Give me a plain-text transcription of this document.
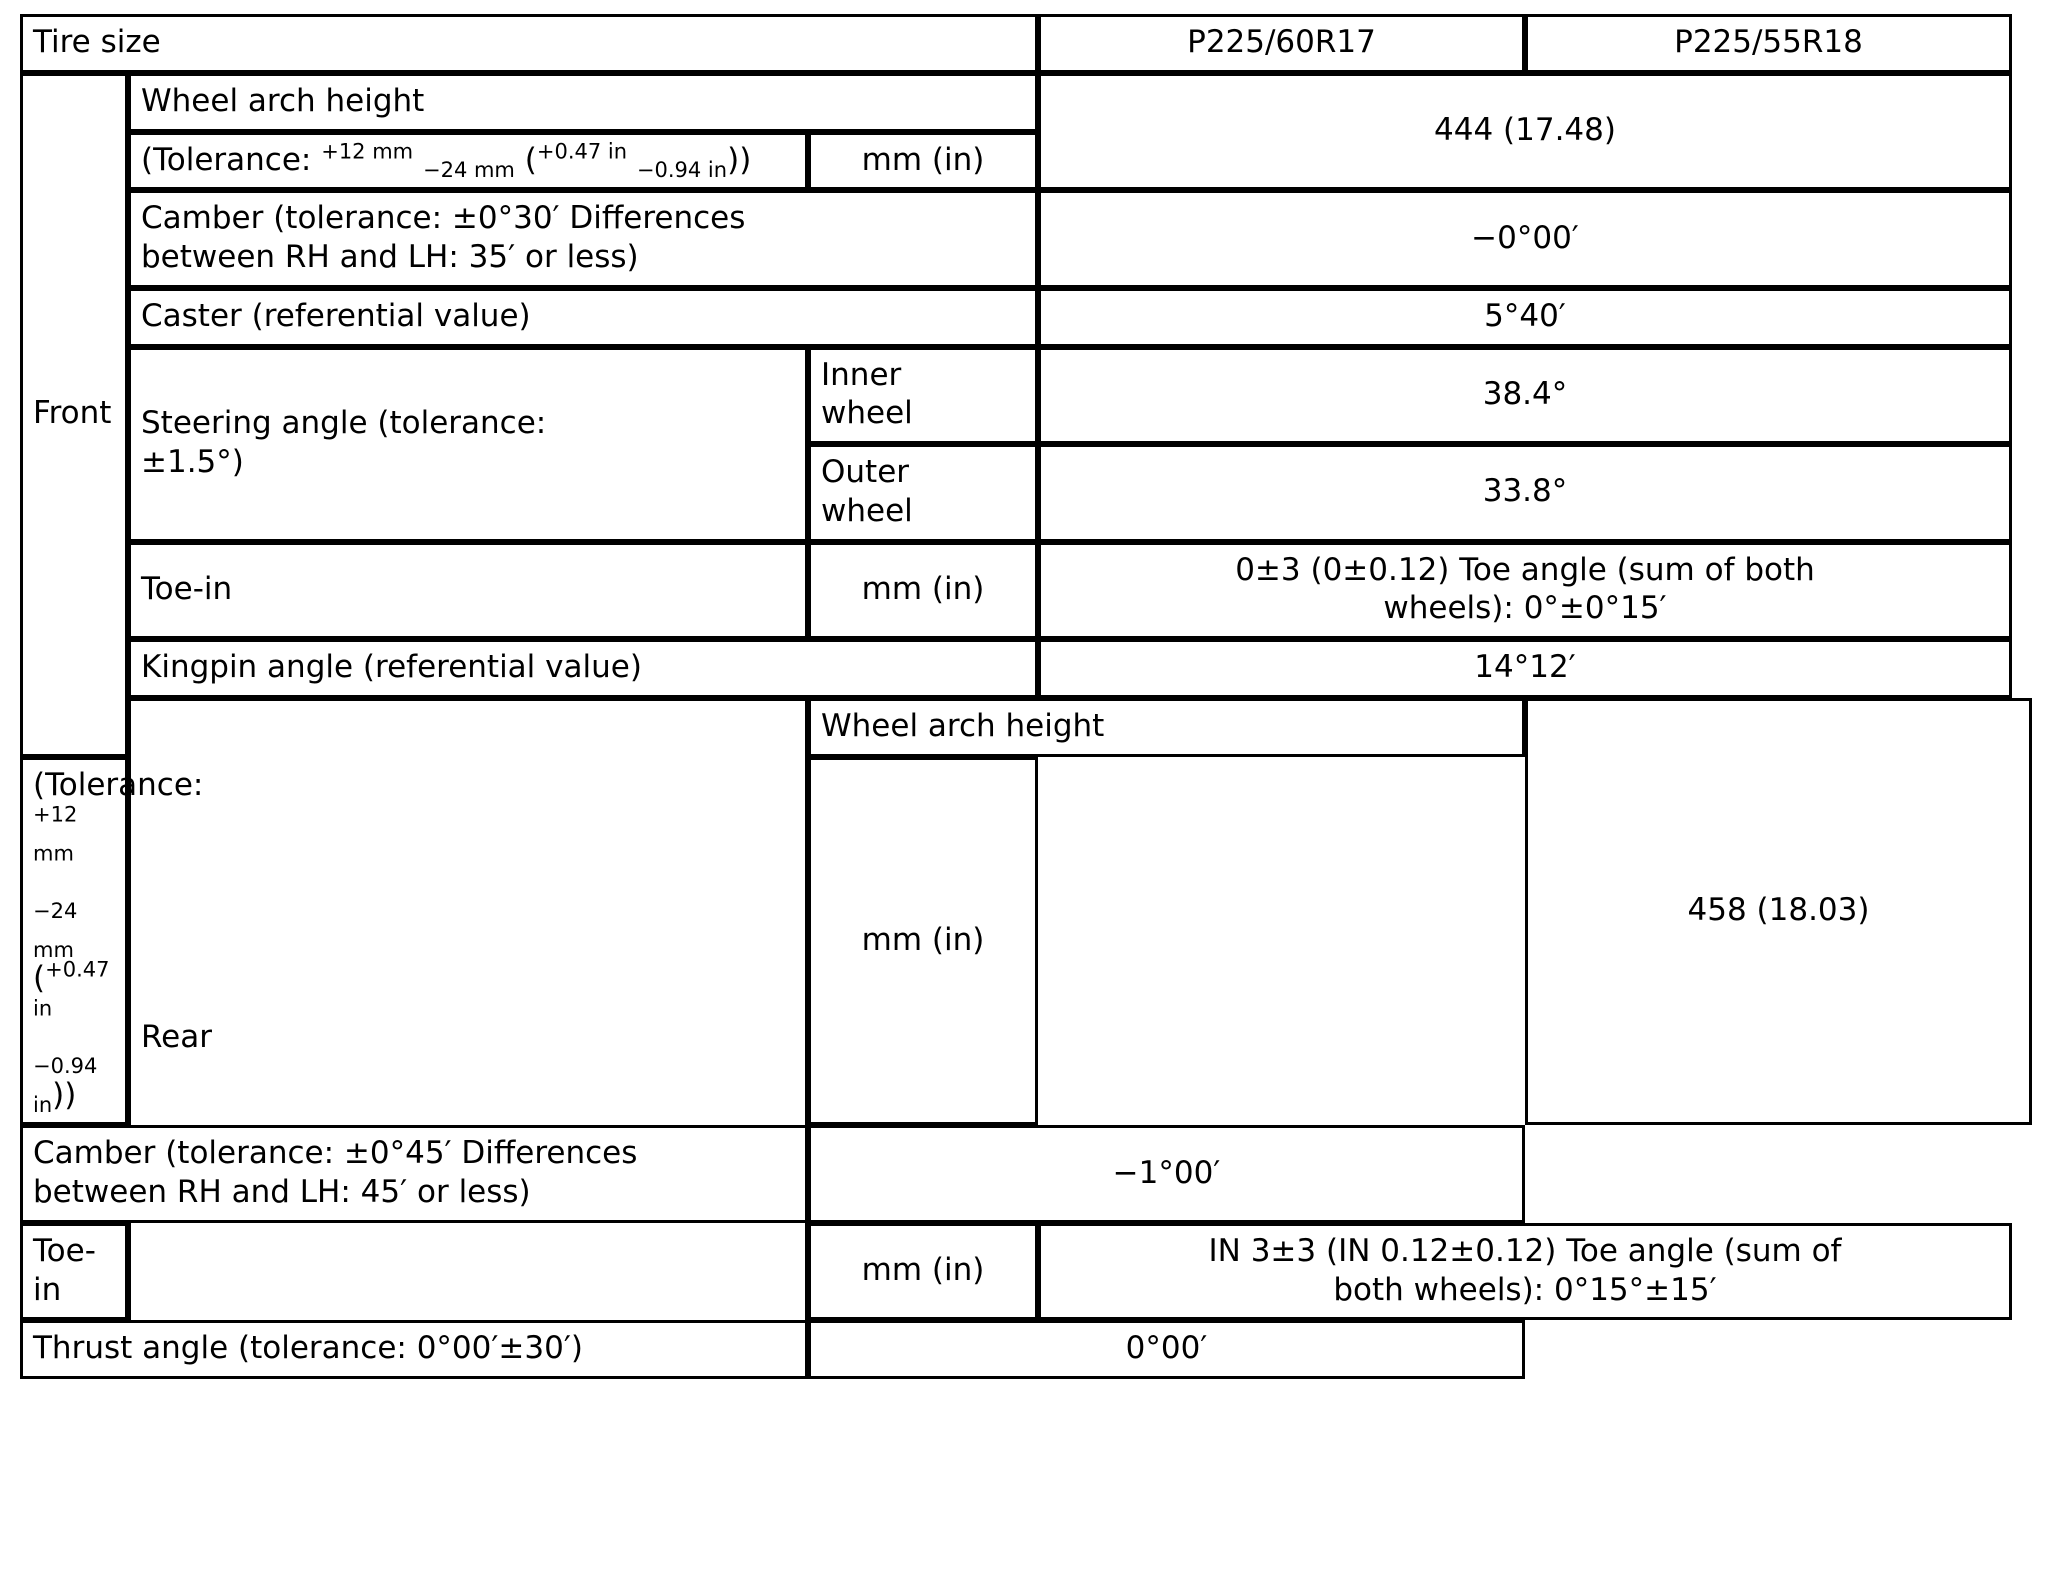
Tire size			P225/60R17	P225/55R18
Front	Wheel arch height		444 (17.48)	
	(Tolerance: $^{+12 mm}$ $_{-24 mm}$ ($^{+0.47 in}$ $_{-0.94 in}$))	mm (in)		

	Camber (tolerance: ±0°30′ Differences
between RH and LH: 35′ or less)		−0°00′	
	Caster (referential value)		5°40′	

	Steering angle (tolerance:
±1.5°)	Inner
wheel	38.4°	

		Outer
wheel	33.8°	
	Toe-in	mm (in)	0±3 (0±0.12) Toe angle (sum of both
wheels): 0°±0°15′	

	Kingpin angle (referential value)		14°12′	
	Rear	Wheel arch height		458 (18.03)
(Tolerance: $^{+12 mm}$ $_{-24 mm}$ ($^{+0.47 in}$ $_{-0.94 in}$))		mm (in)		

Camber (tolerance: ±0°45′ Differences
between RH and LH: 45′ or less)		−1°00′		
Toe-in		mm (in)	IN 3±3 (IN 0.12±0.12) Toe angle (sum of
both wheels): 0°15°±15′	

Thrust angle (tolerance: 0°00′±30′)		0°00′		
